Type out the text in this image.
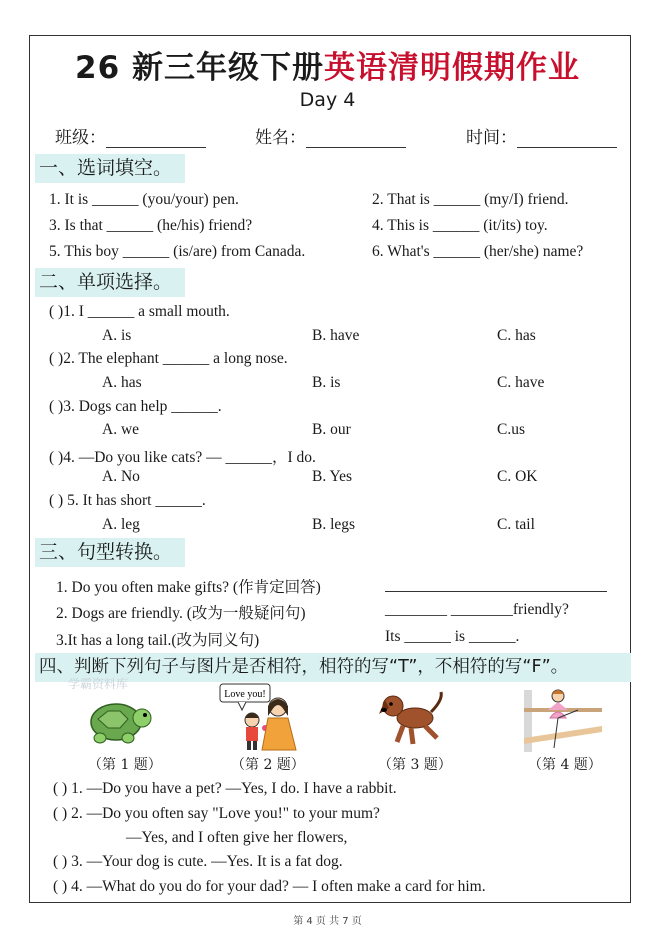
26 新三年级下册英语清明假期作业
Day 4
班级：	姓名：	时间：
一、选词填空。
1. It is ______ (you/your) pen.	2. That is ______ (my/I) friend.
3. Is that ______ (he/his) friend?	4. This is ______ (it/its) toy.
5. This boy ______ (is/are) from Canada.	6. What's ______ (her/she) name?
二、单项选择。
( )1. I ______ a small mouth.
A. is	B. have	C. has
( )2. The elephant ______ a long nose.
A. has	B. is	C. have
( )3. Dogs can help ______.
A. we	B. our	C.us
( )4. —Do you like cats? — ______，I do.
A. No	B. Yes	C. OK
( ) 5. It has short ______.
A. leg	B. legs	C. tail
三、句型转换。
1. Do you often make gifts? (作肯定回答)
2. Dogs are friendly. (改为一般疑问句)	________ ________friendly?
3.It has a long tail.(改为同义句)	Its ______ is ______.
四、判断下列句子与图片是否相符，相符的写“T”，不相符的写“F”。
学霸资料库
Love you!
（第 1 题）	（第 2 题）	（第 3 题）	（第 4 题）
( ) 1. —Do you have a pet? —Yes, I do. I have a rabbit.
( ) 2. —Do you often say "Love you!" to your mum?
—Yes, and I often give her flowers,
( ) 3. —Your dog is cute. —Yes. It is a fat dog.
( ) 4. —What do you do for your dad? — I often make a card for him.
第 4 页 共 7 页
